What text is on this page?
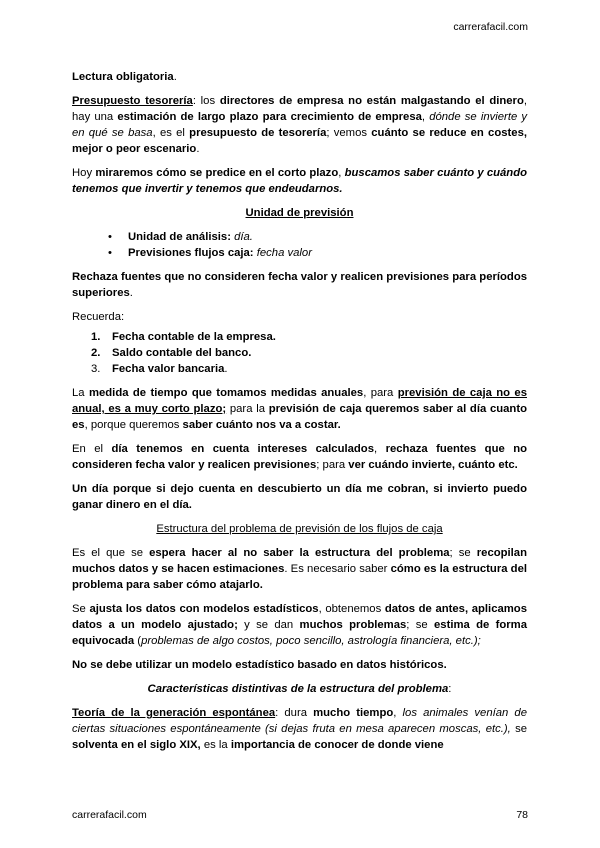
carrerafacil.com

Lectura obligatoria.

Presupuesto tesorería: los directores de empresa no están malgastando el dinero, hay una estimación de largo plazo para crecimiento de empresa, dónde se invierte y en qué se basa, es el presupuesto de tesorería; vemos cuánto se reduce en costes, mejor o peor escenario.

Hoy miraremos cómo se predice en el corto plazo, buscamos saber cuánto y cuándo tenemos que invertir y tenemos que endeudarnos.

Unidad de previsión

• Unidad de análisis: día.
• Previsiones flujos caja: fecha valor

Rechaza fuentes que no consideren fecha valor y realicen previsiones para períodos superiores.

Recuerda:

1. Fecha contable de la empresa.
2. Saldo contable del banco.
3. Fecha valor bancaria.

La medida de tiempo que tomamos medidas anuales, para previsión de caja no es anual, es a muy corto plazo; para la previsión de caja queremos saber al día cuanto es, porque queremos saber cuánto nos va a costar.

En el día tenemos en cuenta intereses calculados, rechaza fuentes que no consideren fecha valor y realicen previsiones; para ver cuándo invierte, cuánto etc.

Un día porque si dejo cuenta en descubierto un día me cobran, si invierto puedo ganar dinero en el día.

Estructura del problema de previsión de los flujos de caja

Es el que se espera hacer al no saber la estructura del problema; se recopilan muchos datos y se hacen estimaciones. Es necesario saber cómo es la estructura del problema para saber cómo atajarlo.

Se ajusta los datos con modelos estadísticos, obtenemos datos de antes, aplicamos datos a un modelo ajustado; y se dan muchos problemas; se estima de forma equivocada (problemas de algo costos, poco sencillo, astrología financiera, etc.);

No se debe utilizar un modelo estadístico basado en datos históricos.

Características distintivas de la estructura del problema:

Teoría de la generación espontánea: dura mucho tiempo, los animales venían de ciertas situaciones espontáneamente (si dejas fruta en mesa aparecen moscas, etc.), se solventa en el siglo XIX, es la importancia de conocer de donde viene

carrerafacil.com	78
